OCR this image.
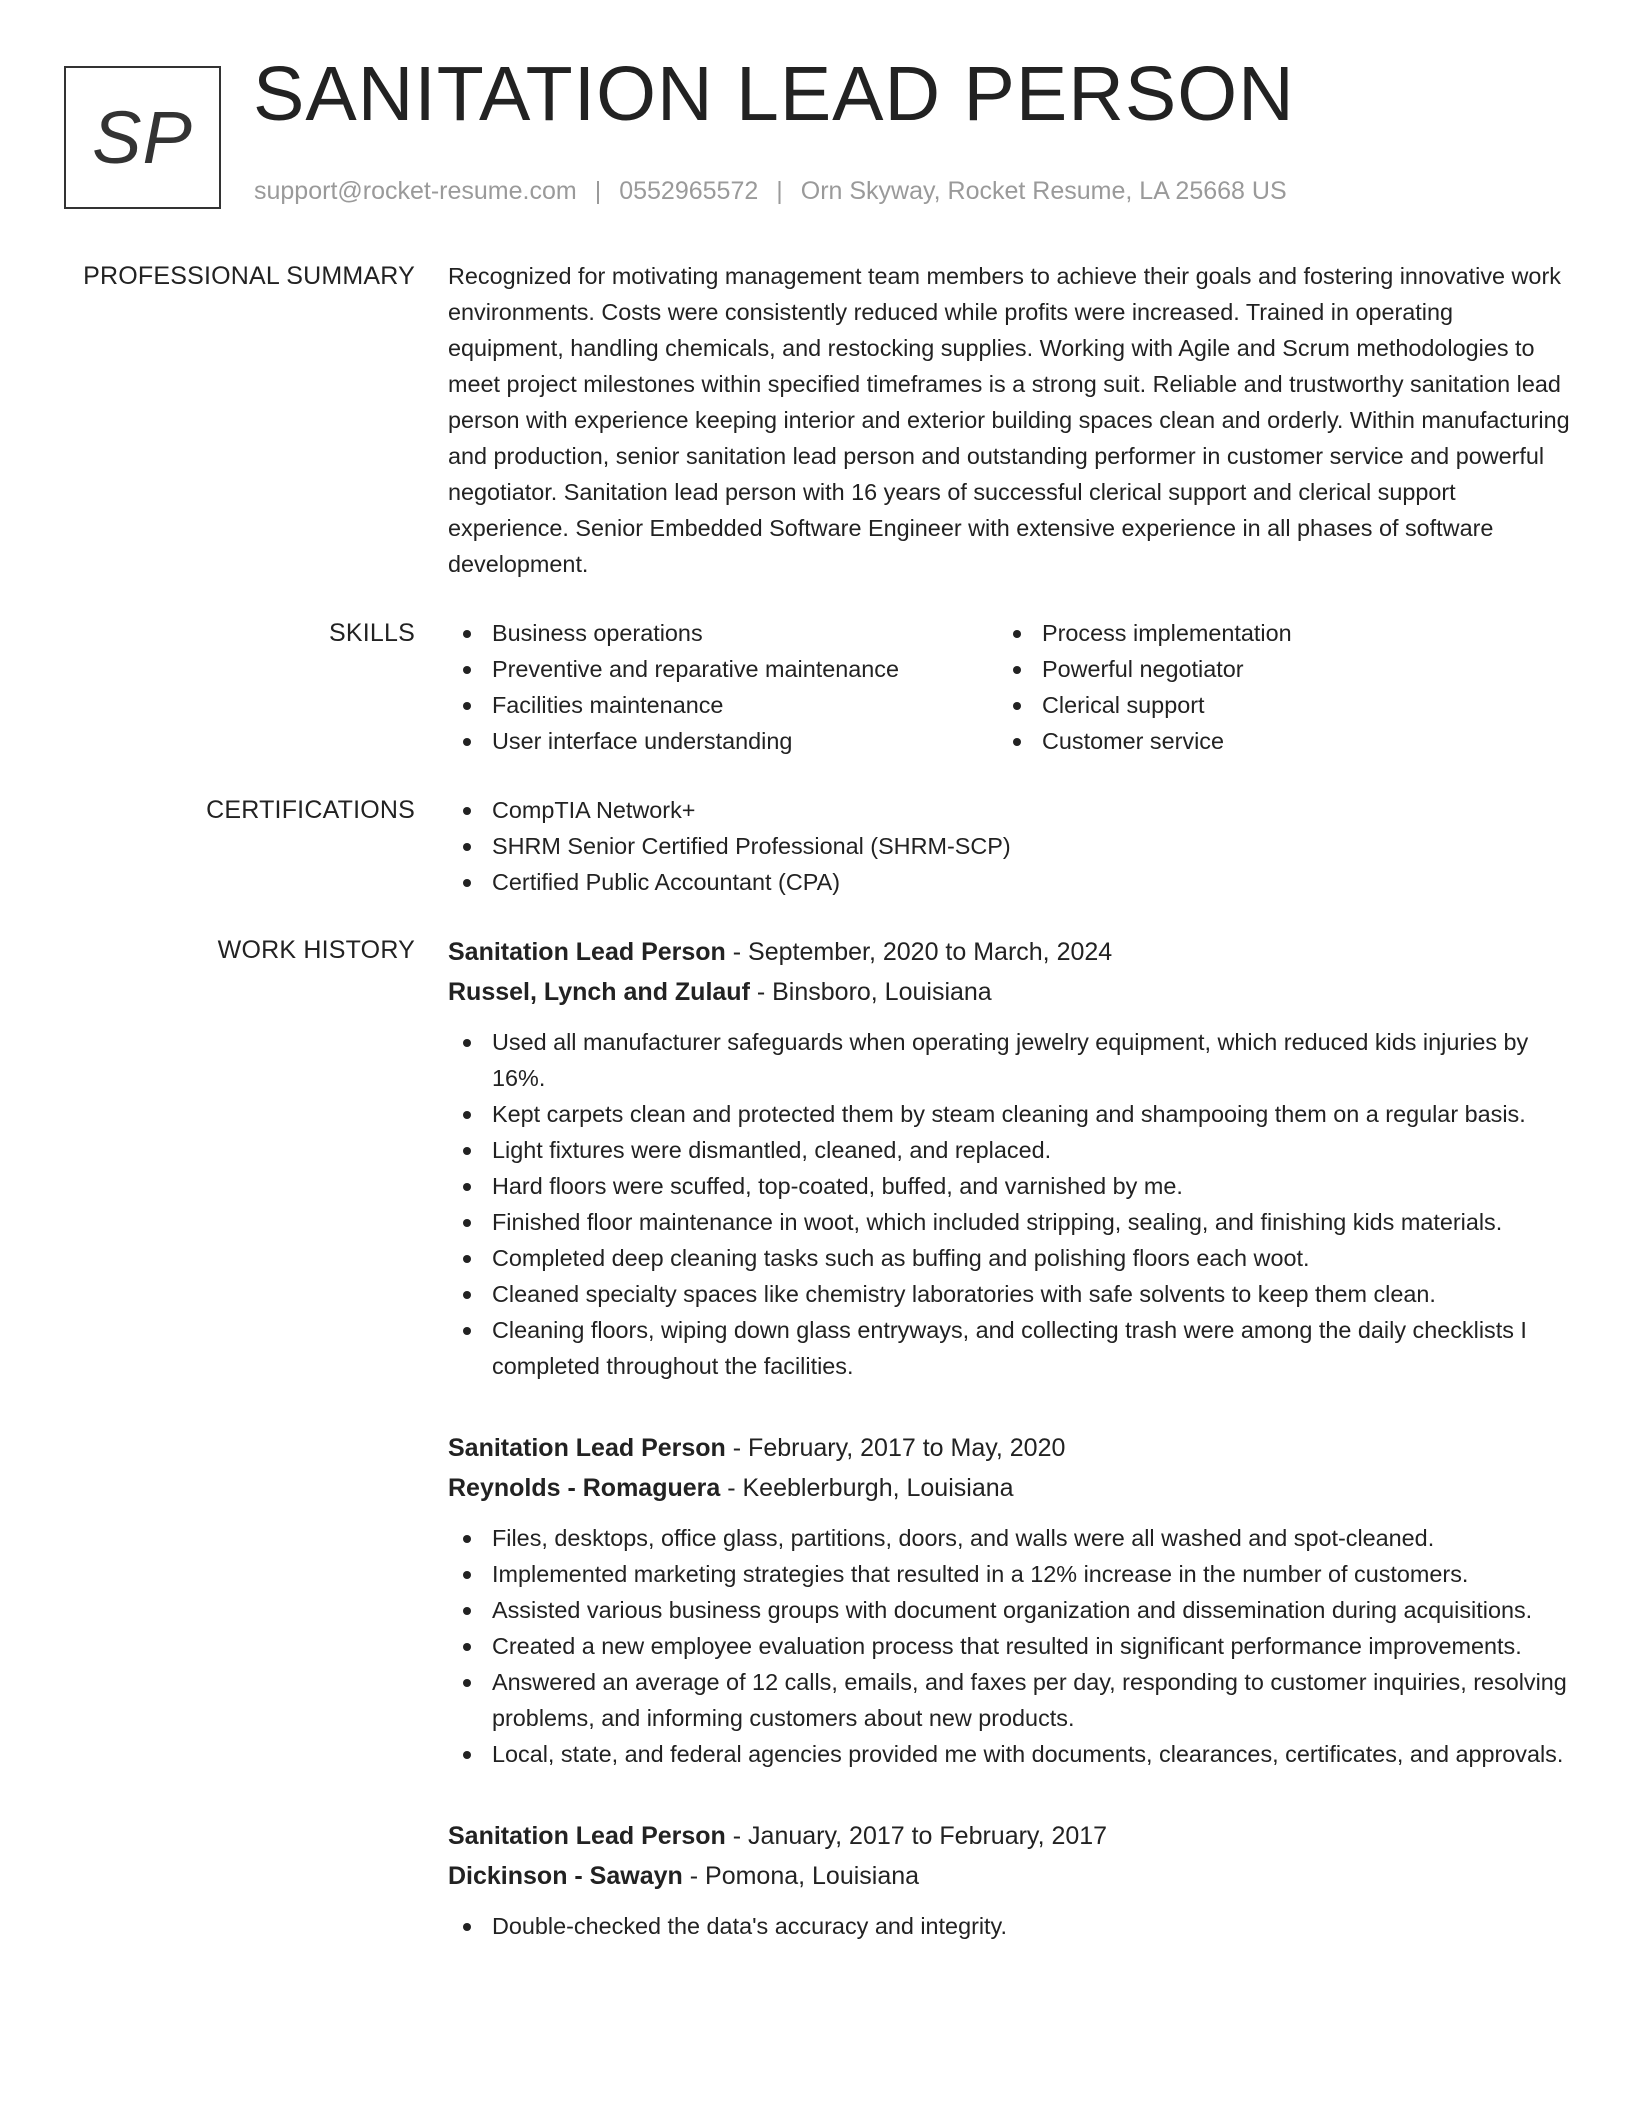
SP
SANITATION LEAD PERSON
support@rocket-resume.com | 0552965572 | Orn Skyway, Rocket Resume, LA 25668 US
PROFESSIONAL SUMMARY Recognized for motivating management team members to achieve their goals and fostering innovative work environments. Costs were consistently reduced while profits were increased. Trained in operating equipment, handling chemicals, and restocking supplies. Working with Agile and Scrum methodologies to meet project milestones within specified timeframes is a strong suit. Reliable and trustworthy sanitation lead person with experience keeping interior and exterior building spaces clean and orderly. Within manufacturing and production, senior sanitation lead person and outstanding performer in customer service and powerful negotiator. Sanitation lead person with 16 years of successful clerical support and clerical support experience. Senior Embedded Software Engineer with extensive experience in all phases of software development.
SKILLS	Business operations
Preventive and reparative maintenance
Facilities maintenance
User interface understanding
Process implementation
Powerful negotiator
Clerical support
Customer service
CERTIFICATIONS	CompTIA Network+
SHRM Senior Certified Professional (SHRM-SCP)
Certified Public Accountant (CPA)
WORK HISTORY Sanitation Lead Person - September, 2020 to March, 2024
Russel, Lynch and Zulauf - Binsboro, Louisiana
Used all manufacturer safeguards when operating jewelry equipment, which reduced kids injuries by 16%.
Kept carpets clean and protected them by steam cleaning and shampooing them on a regular basis.
Light fixtures were dismantled, cleaned, and replaced.
Hard floors were scuffed, top-coated, buffed, and varnished by me.
Finished floor maintenance in woot, which included stripping, sealing, and finishing kids materials.
Completed deep cleaning tasks such as buffing and polishing floors each woot.
Cleaned specialty spaces like chemistry laboratories with safe solvents to keep them clean.
Cleaning floors, wiping down glass entryways, and collecting trash were among the daily checklists I completed throughout the facilities.
Sanitation Lead Person - February, 2017 to May, 2020
Reynolds - Romaguera - Keeblerburgh, Louisiana
Files, desktops, office glass, partitions, doors, and walls were all washed and spot-cleaned.
Implemented marketing strategies that resulted in a 12% increase in the number of customers.
Assisted various business groups with document organization and dissemination during acquisitions.
Created a new employee evaluation process that resulted in significant performance improvements.
Answered an average of 12 calls, emails, and faxes per day, responding to customer inquiries, resolving problems, and informing customers about new products.
Local, state, and federal agencies provided me with documents, clearances, certificates, and approvals.
Sanitation Lead Person - January, 2017 to February, 2017
Dickinson - Sawayn - Pomona, Louisiana
Double-checked the data's accuracy and integrity.
